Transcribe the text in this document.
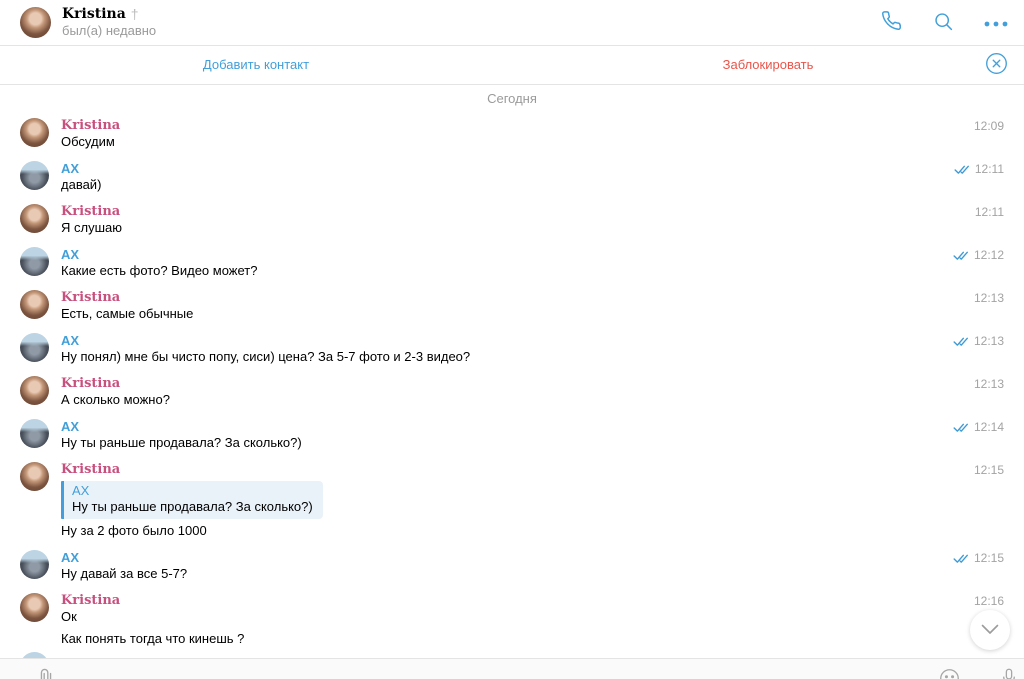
Kristina †
был(а) недавно
Добавить контакт	Заблокировать
Сегодня
Kristina
Обсудим
12:09
AX
давай)
12:11
Kristina
Я слушаю
12:11
AX
Какие есть фото? Видео может?
12:12
Kristina
Есть, самые обычные
12:13
AX
Ну понял) мне бы чисто попу, сиси) цена? За 5-7 фото и 2-3 видео?
12:13
Kristina
А сколько можно?
12:13
AX
Ну ты раньше продавала? За сколько?)
12:14
Kristina
AX
Ну ты раньше продавала? За сколько?)
Ну за 2 фото было 1000
12:15
AX
Ну давай за все 5-7?
12:15
Kristina
Ок
12:16
Как понять тогда что кинешь ?
